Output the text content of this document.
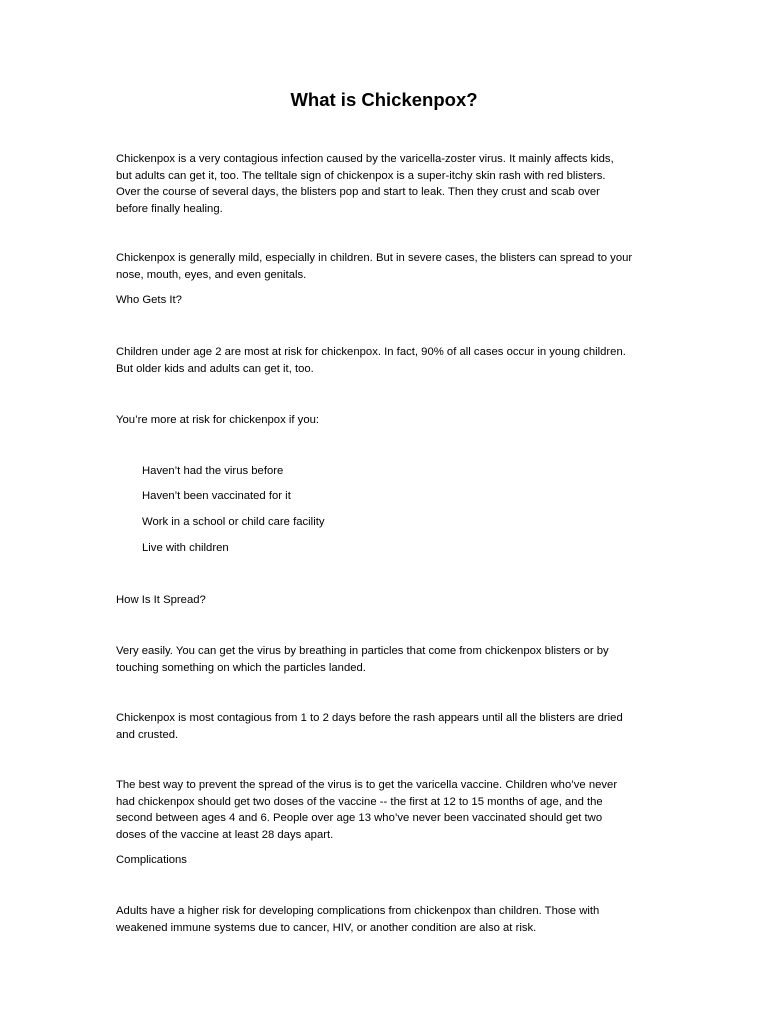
What is Chickenpox?

Chickenpox is a very contagious infection caused by the varicella-zoster virus. It mainly affects kids,
but adults can get it, too. The telltale sign of chickenpox is a super-itchy skin rash with red blisters.
Over the course of several days, the blisters pop and start to leak. Then they crust and scab over
before finally healing.

Chickenpox is generally mild, especially in children. But in severe cases, the blisters can spread to your
nose, mouth, eyes, and even genitals.

Who Gets It?

Children under age 2 are most at risk for chickenpox. In fact, 90% of all cases occur in young children.
But older kids and adults can get it, too.

You’re more at risk for chickenpox if you:

Haven’t had the virus before

Haven’t been vaccinated for it

Work in a school or child care facility

Live with children

How Is It Spread?

Very easily. You can get the virus by breathing in particles that come from chickenpox blisters or by
touching something on which the particles landed.

Chickenpox is most contagious from 1 to 2 days before the rash appears until all the blisters are dried
and crusted.

The best way to prevent the spread of the virus is to get the varicella vaccine. Children who’ve never
had chickenpox should get two doses of the vaccine -- the first at 12 to 15 months of age, and the
second between ages 4 and 6. People over age 13 who’ve never been vaccinated should get two
doses of the vaccine at least 28 days apart.

Complications

Adults have a higher risk for developing complications from chickenpox than children. Those with
weakened immune systems due to cancer, HIV, or another condition are also at risk.
